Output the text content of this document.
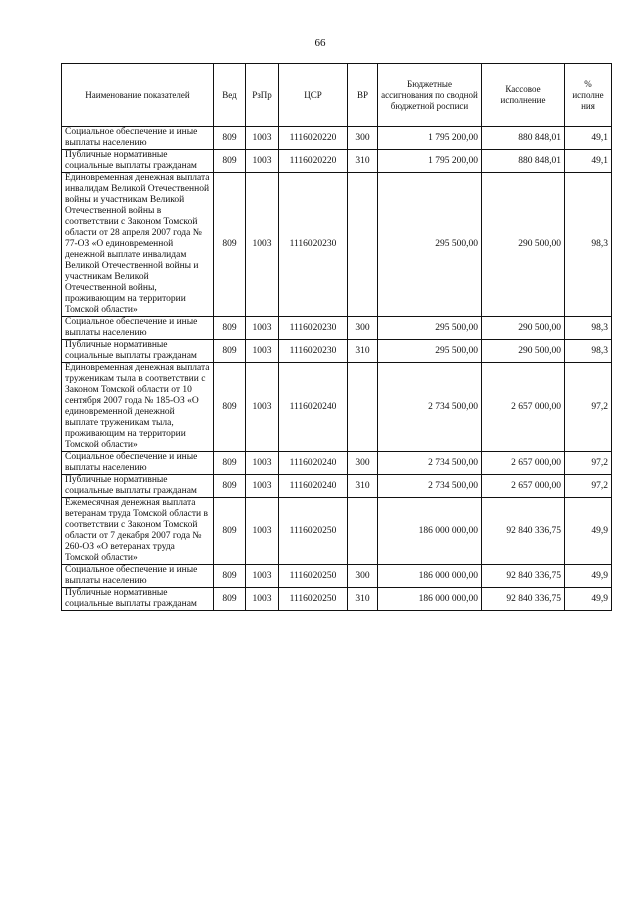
66
Наименование показателей	Вед	РзПр	ЦСР	ВР	Бюджетные ассигнования по сводной бюджетной росписи	Кассовое исполнение	% исполне ния
Социальное обеспечение и иные выплаты населению	809	1003	1116020220	300	1 795 200,00	880 848,01	49,1
Публичные нормативные социальные выплаты гражданам	809	1003	1116020220	310	1 795 200,00	880 848,01	49,1
Единовременная денежная выплата инвалидам Великой Отечественной войны и участникам Великой Отечественной войны в соответствии с Законом Томской области от 28 апреля 2007 года № 77-ОЗ «О единовременной денежной выплате инвалидам Великой Отечественной войны и участникам Великой Отечественной войны, проживающим на территории Томской области»	809	1003	1116020230		295 500,00	290 500,00	98,3
Социальное обеспечение и иные выплаты населению	809	1003	1116020230	300	295 500,00	290 500,00	98,3
Публичные нормативные социальные выплаты гражданам	809	1003	1116020230	310	295 500,00	290 500,00	98,3
Единовременная денежная выплата труженикам тыла в соответствии с Законом Томской области от 10 сентября 2007 года № 185-ОЗ «О единовременной денежной выплате труженикам тыла, проживающим на территории Томской области»	809	1003	1116020240		2 734 500,00	2 657 000,00	97,2
Социальное обеспечение и иные выплаты населению	809	1003	1116020240	300	2 734 500,00	2 657 000,00	97,2
Публичные нормативные социальные выплаты гражданам	809	1003	1116020240	310	2 734 500,00	2 657 000,00	97,2
Ежемесячная денежная выплата ветеранам труда Томской области в соответствии с Законом Томской области от 7 декабря 2007 года № 260-ОЗ «О ветеранах труда Томской области»	809	1003	1116020250		186 000 000,00	92 840 336,75	49,9
Социальное обеспечение и иные выплаты населению	809	1003	1116020250	300	186 000 000,00	92 840 336,75	49,9
Публичные нормативные социальные выплаты гражданам	809	1003	1116020250	310	186 000 000,00	92 840 336,75	49,9
